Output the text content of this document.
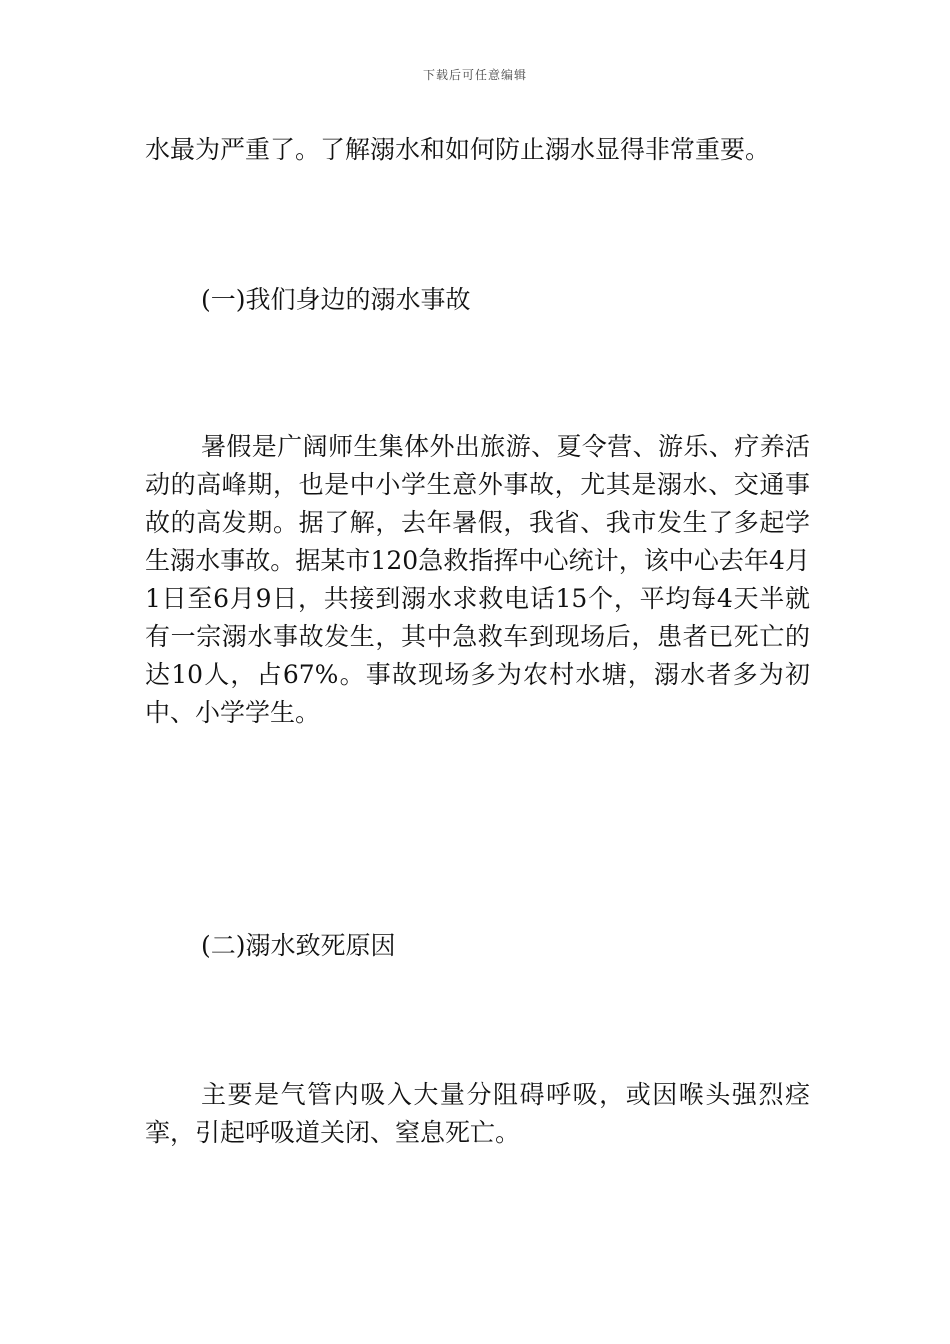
下载后可任意编辑

水最为严重了。了解溺水和如何防止溺水显得非常重要。

(一)我们身边的溺水事故

暑假是广阔师生集体外出旅游、夏令营、游乐、疗养活动的高峰期，也是中小学生意外事故，尤其是溺水、交通事故的高发期。据了解，去年暑假，我省、我市发生了多起学生溺水事故。据某市120急救指挥中心统计，该中心去年4月1日至6月9日，共接到溺水求救电话15个，平均每4天半就有一宗溺水事故发生，其中急救车到现场后，患者已死亡的达10人，占67%。事故现场多为农村水塘，溺水者多为初中、小学学生。

(二)溺水致死原因

主要是气管内吸入大量分阻碍呼吸，或因喉头强烈痉挛，引起呼吸道关闭、窒息死亡。
